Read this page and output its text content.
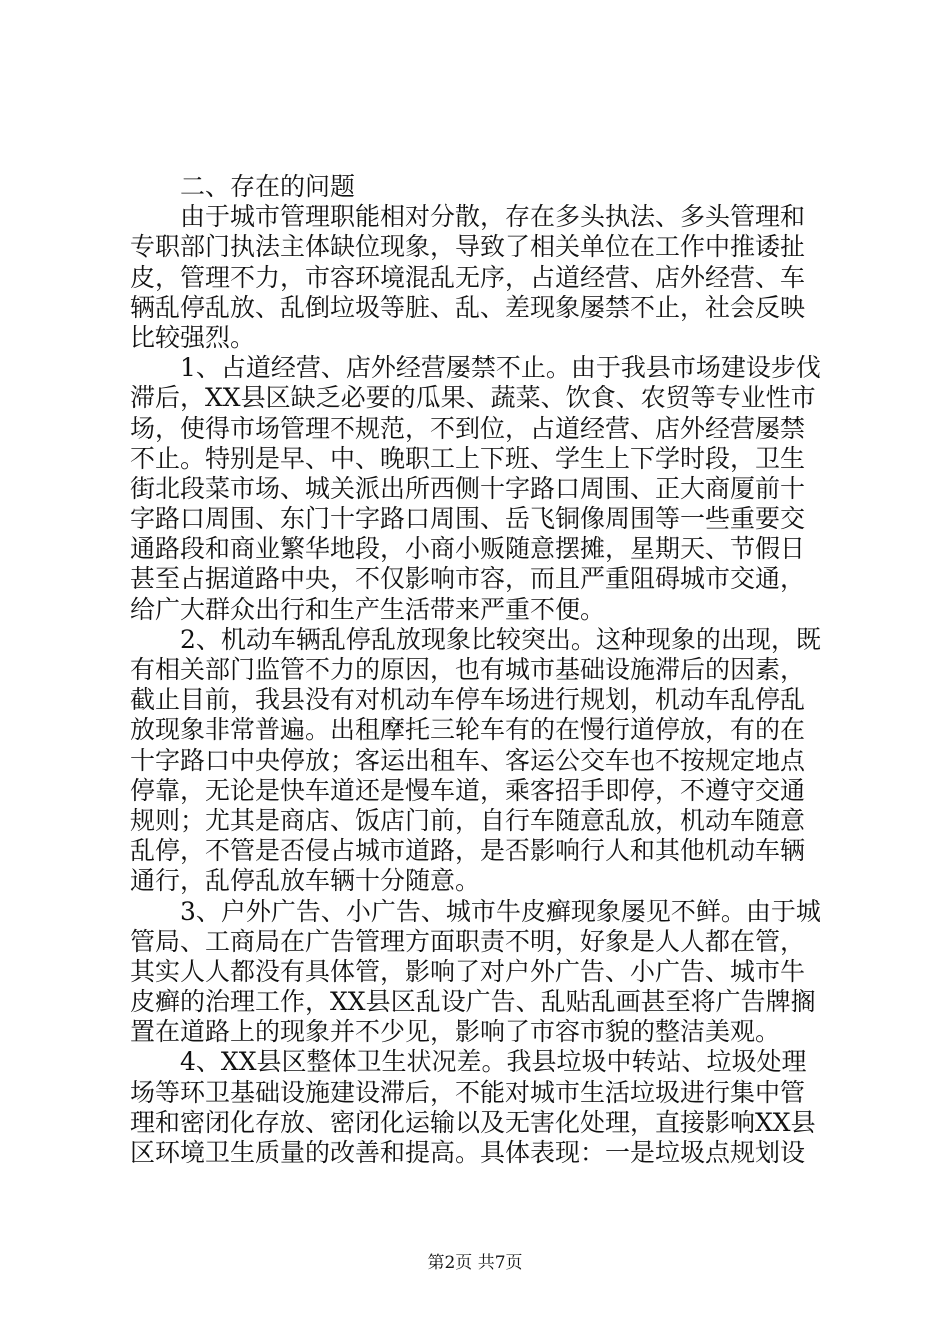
　　二、存在的问题
　　由于城市管理职能相对分散，存在多头执法、多头管理和
专职部门执法主体缺位现象，导致了相关单位在工作中推诿扯
皮，管理不力，市容环境混乱无序，占道经营、店外经营、车
辆乱停乱放、乱倒垃圾等脏、乱、差现象屡禁不止，社会反映
比较强烈。
　　1、占道经营、店外经营屡禁不止。由于我县市场建设步伐
滞后，XX县区缺乏必要的瓜果、蔬菜、饮食、农贸等专业性市
场，使得市场管理不规范，不到位，占道经营、店外经营屡禁
不止。特别是早、中、晚职工上下班、学生上下学时段，卫生
街北段菜市场、城关派出所西侧十字路口周围、正大商厦前十
字路口周围、东门十字路口周围、岳飞铜像周围等一些重要交
通路段和商业繁华地段，小商小贩随意摆摊，星期天、节假日
甚至占据道路中央，不仅影响市容，而且严重阻碍城市交通，
给广大群众出行和生产生活带来严重不便。
　　2、机动车辆乱停乱放现象比较突出。这种现象的出现，既
有相关部门监管不力的原因，也有城市基础设施滞后的因素，
截止目前，我县没有对机动车停车场进行规划，机动车乱停乱
放现象非常普遍。出租摩托三轮车有的在慢行道停放，有的在
十字路口中央停放；客运出租车、客运公交车也不按规定地点
停靠，无论是快车道还是慢车道，乘客招手即停，不遵守交通
规则；尤其是商店、饭店门前，自行车随意乱放，机动车随意
乱停，不管是否侵占城市道路，是否影响行人和其他机动车辆
通行，乱停乱放车辆十分随意。
　　3、户外广告、小广告、城市牛皮癣现象屡见不鲜。由于城
管局、工商局在广告管理方面职责不明，好象是人人都在管，
其实人人都没有具体管，影响了对户外广告、小广告、城市牛
皮癣的治理工作，XX县区乱设广告、乱贴乱画甚至将广告牌搁
置在道路上的现象并不少见，影响了市容市貌的整洁美观。
　　4、XX县区整体卫生状况差。我县垃圾中转站、垃圾处理
场等环卫基础设施建设滞后，不能对城市生活垃圾进行集中管
理和密闭化存放、密闭化运输以及无害化处理，直接影响XX县
区环境卫生质量的改善和提高。具体表现：一是垃圾点规划设
第2页 共7页
